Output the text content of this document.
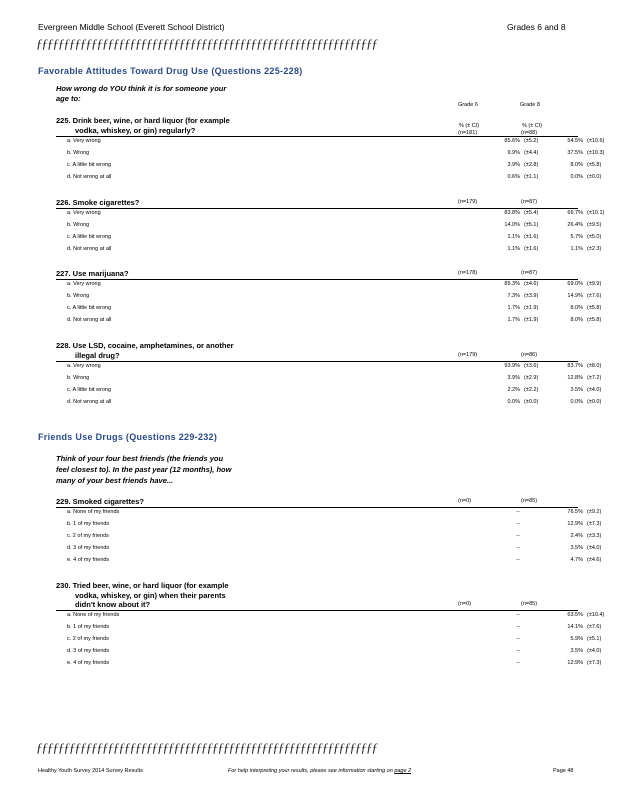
Evergreen Middle School (Everett School District)	Grades 6 and 8
ƒƒƒƒƒƒƒƒƒƒƒƒƒƒƒƒƒƒƒƒƒƒƒƒƒƒƒƒƒƒƒƒƒƒƒƒƒƒƒƒƒƒƒƒƒƒƒƒƒƒƒƒƒƒƒƒƒƒƒƒƒƒ
Favorable Attitudes Toward Drug Use (Questions 225-228)
How wrong do YOU think it is for someone your
age to:
Grade 6	Grade 8
225. Drink beer, wine, or hard liquor (for example
vodka, whiskey, or gin) regularly?	% (± CI)	% (± CI)
(n=181)	(n=88)
a. Very wrong	85.6% (±5.2)	54.5% (±10.6)
b. Wrong	9.9% (±4.4)	37.5% (±10.3)
c. A little bit wrong	3.9% (±2.8)	8.0% (±5.8)
d. Not wrong at all	0.6% (±1.1)	0.0% (±0.0)
226. Smoke cigarettes?	(n=179)	(n=87)
a. Very wrong	83.8% (±5.4)	66.7% (±10.1)
b. Wrong	14.0% (±5.1)	26.4% (±9.5)
c. A little bit wrong	1.1% (±1.6)	5.7% (±5.0)
d. Not wrong at all	1.1% (±1.6)	1.1% (±2.3)
227. Use marijuana?	(n=178)	(n=87)
a. Very wrong	89.3% (±4.6)	69.0% (±9.9)
b. Wrong	7.3% (±3.9)	14.9% (±7.6)
c. A little bit wrong	1.7% (±1.9)	8.0% (±5.8)
d. Not wrong at all	1.7% (±1.9)	8.0% (±5.8)
228. Use LSD, cocaine, amphetamines, or another
illegal drug?	(n=179)	(n=86)
a. Very wrong	93.9% (±3.6)	83.7% (±8.0)
b. Wrong	3.9% (±2.9)	12.8% (±7.2)
c. A little bit wrong	2.2% (±2.2)	3.5% (±4.0)
d. Not wrong at all	0.0% (±0.0)	0.0% (±0.0)
Friends Use Drugs (Questions 229-232)
Think of your four best friends (the friends you
feel closest to). In the past year (12 months), how
many of your best friends have...
229. Smoked cigarettes?	(n=0)	(n=85)
a. None of my friends	--	76.5% (±9.2)
b. 1 of my friends	--	12.9% (±7.3)
c. 2 of my friends	--	2.4% (±3.3)
d. 3 of my friends	--	3.5% (±4.0)
e. 4 of my friends	--	4.7% (±4.6)
230. Tried beer, wine, or hard liquor (for example
vodka, whiskey, or gin) when their parents
didn't know about it?	(n=0)	(n=85)
a. None of my friends	--	63.5% (±10.4)
b. 1 of my friends	--	14.1% (±7.6)
c. 2 of my friends	--	5.9% (±5.1)
d. 3 of my friends	--	3.5% (±4.0)
e. 4 of my friends	--	12.9% (±7.3)
ƒƒƒƒƒƒƒƒƒƒƒƒƒƒƒƒƒƒƒƒƒƒƒƒƒƒƒƒƒƒƒƒƒƒƒƒƒƒƒƒƒƒƒƒƒƒƒƒƒƒƒƒƒƒƒƒƒƒƒƒƒƒ
Healthy Youth Survey 2014 Survey Results	For help interpreting your results, please see information starting on page 2	Page 48
